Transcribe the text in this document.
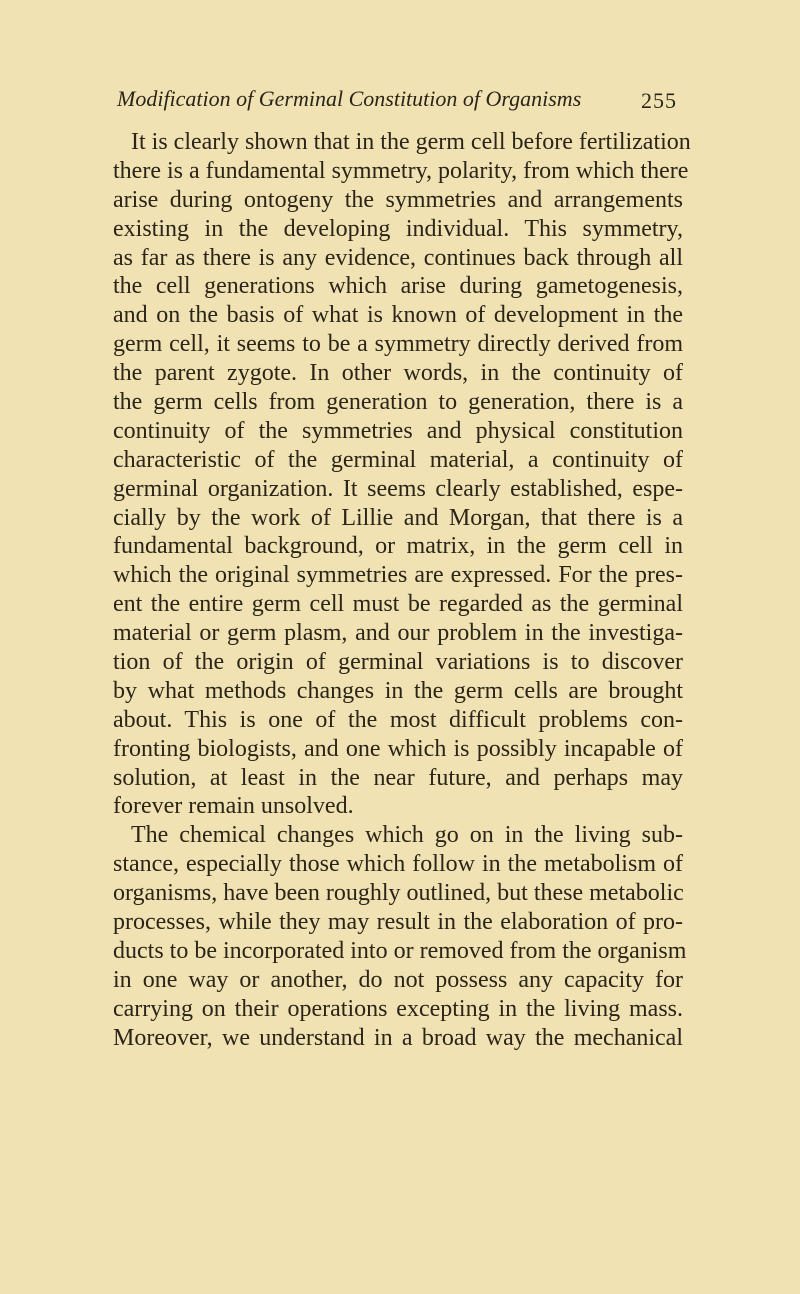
Modification of Germinal Constitution of Organisms	255
It is clearly shown that in the germ cell before fertilization
there is a fundamental symmetry, polarity, from which there
arise during ontogeny the symmetries and arrangements
existing in the developing individual. This symmetry,
as far as there is any evidence, continues back through all
the cell generations which arise during gametogenesis,
and on the basis of what is known of development in the
germ cell, it seems to be a symmetry directly derived from
the parent zygote. In other words, in the continuity of
the germ cells from generation to generation, there is a
continuity of the symmetries and physical constitution
characteristic of the germinal material, a continuity of
germinal organization. It seems clearly established, espe-
cially by the work of Lillie and Morgan, that there is a
fundamental background, or matrix, in the germ cell in
which the original symmetries are expressed. For the pres-
ent the entire germ cell must be regarded as the germinal
material or germ plasm, and our problem in the investiga-
tion of the origin of germinal variations is to discover
by what methods changes in the germ cells are brought
about. This is one of the most difficult problems con-
fronting biologists, and one which is possibly incapable of
solution, at least in the near future, and perhaps may
forever remain unsolved.
The chemical changes which go on in the living sub-
stance, especially those which follow in the metabolism of
organisms, have been roughly outlined, but these metabolic
processes, while they may result in the elaboration of pro-
ducts to be incorporated into or removed from the organism
in one way or another, do not possess any capacity for
carrying on their operations excepting in the living mass.
Moreover, we understand in a broad way the mechanical
